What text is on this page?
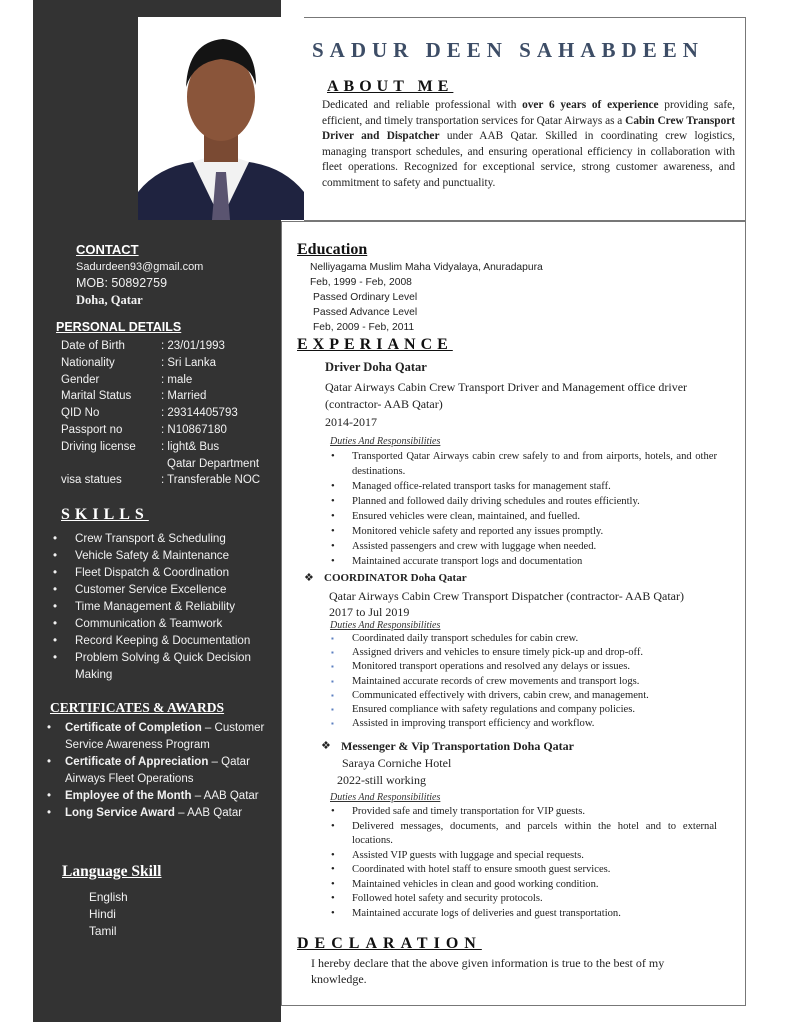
CONTACT
Sadurdeen93@gmail.com
MOB: 50892759
Doha, Qatar
PERSONAL DETAILS
Date of Birth	: 23/01/1993
Nationality	: Sri Lanka
Gender	: male
Marital Status	: Married
QID No	: 29314405793
Passport no	: N10867180
Driving license : light& Bus
Qatar Department
visa statues	: Transferable NOC
SKILLS
• Crew Transport & Scheduling
• Vehicle Safety & Maintenance
• Fleet Dispatch & Coordination
• Customer Service Excellence
• Time Management & Reliability
• Communication & Teamwork
• Record Keeping & Documentation
• Problem Solving & Quick Decision Making
CERTIFICATES & AWARDS
• Certificate of Completion – Customer Service Awareness Program
• Certificate of Appreciation – Qatar Airways Fleet Operations
• Employee of the Month – AAB Qatar
• Long Service Award – AAB Qatar
Language Skill
English
Hindi
Tamil
SADUR DEEN SAHABDEEN
ABOUT ME
Dedicated and reliable professional with over 6 years of experience providing safe, efficient, and timely transportation services for Qatar Airways as a Cabin Crew Transport Driver and Dispatcher under AAB Qatar. Skilled in coordinating crew logistics, managing transport schedules, and ensuring operational efficiency in collaboration with fleet operations. Recognized for exceptional service, strong customer awareness, and commitment to safety and punctuality.
Education
Nelliyagama Muslim Maha Vidyalaya, Anuradapura
Feb, 1999 - Feb, 2008
Passed Ordinary Level
Passed Advance Level
Feb, 2009 - Feb, 2011
EXPERIANCE
Driver Doha Qatar
Qatar Airways Cabin Crew Transport Driver and Management office driver (contractor- AAB Qatar)
2014-2017
Duties And Responsibilities
• Transported Qatar Airways cabin crew safely to and from airports, hotels, and other destinations.
• Managed office-related transport tasks for management staff.
• Planned and followed daily driving schedules and routes efficiently.
• Ensured vehicles were clean, maintained, and fuelled.
• Monitored vehicle safety and reported any issues promptly.
• Assisted passengers and crew with luggage when needed.
• Maintained accurate transport logs and documentation
❖ COORDINATOR Doha Qatar
Qatar Airways Cabin Crew Transport Dispatcher (contractor- AAB Qatar) 2017 to Jul 2019
Duties And Responsibilities
▪ Coordinated daily transport schedules for cabin crew.
▪ Assigned drivers and vehicles to ensure timely pick-up and drop-off.
▪ Monitored transport operations and resolved any delays or issues.
▪ Maintained accurate records of crew movements and transport logs.
▪ Communicated effectively with drivers, cabin crew, and management.
▪ Ensured compliance with safety regulations and company policies.
▪ Assisted in improving transport efficiency and workflow.
❖ Messenger & Vip Transportation Doha Qatar
Saraya Corniche Hotel
2022-still working
Duties And Responsibilities
• Provided safe and timely transportation for VIP guests.
• Delivered messages, documents, and parcels within the hotel and to external locations.
• Assisted VIP guests with luggage and special requests.
• Coordinated with hotel staff to ensure smooth guest services.
• Maintained vehicles in clean and good working condition.
• Followed hotel safety and security protocols.
• Maintained accurate logs of deliveries and guest transportation.
DECLARATION
I hereby declare that the above given information is true to the best of my knowledge.
